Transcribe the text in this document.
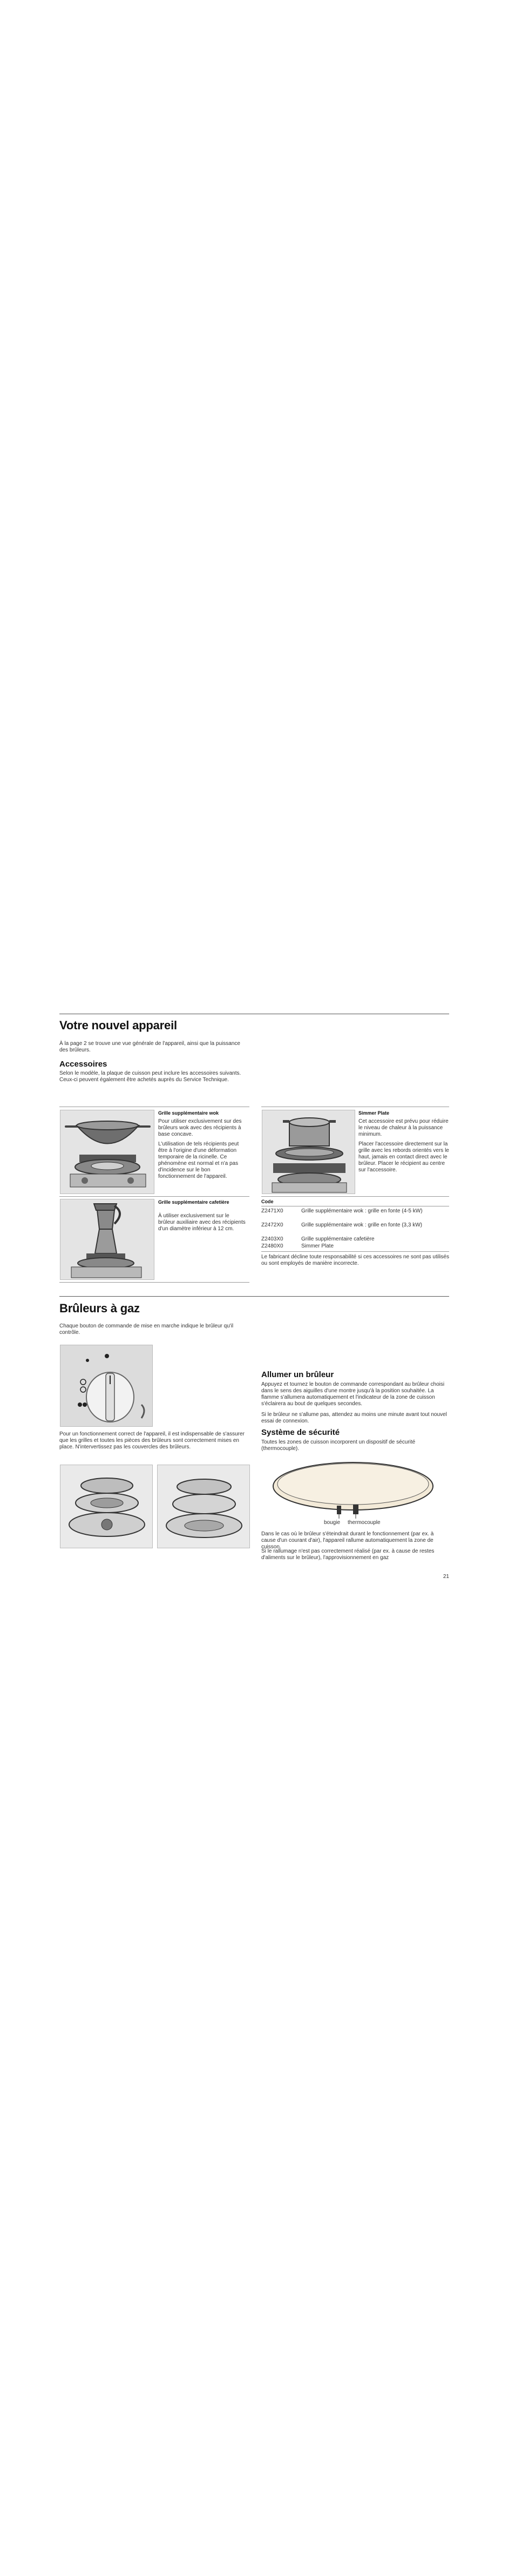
Votre nouvel appareil

À la page 2 se trouve une vue générale de l'appareil, ainsi que la puissance des brûleurs.

Accessoires

Selon le modèle, la plaque de cuisson peut inclure les accessoires suivants. Ceux-ci peuvent également être achetés auprès du Service Technique.

Grille supplémentaire wok

Pour utiliser exclusivement sur des brûleurs wok avec des récipients à base concave.

L'utilisation de tels récipients peut être à l'origine d'une déformation temporaire de la ricinelle. Ce phénomène est normal et n'a pas d'incidence sur le bon fonctionnement de l'appareil.

Grille supplémentaire cafetière

À utiliser exclusivement sur le brûleur auxiliaire avec des récipients d'un diamètre inférieur à 12 cm.

Simmer Plate

Cet accessoire est prévu pour réduire le niveau de chaleur à la puissance minimum.

Placer l'accessoire directement sur la grille avec les rebords orientés vers le haut, jamais en contact direct avec le brûleur. Placer le récipient au centre sur l'accessoire.

Code
Z2471X0	Grille supplémentaire wok : grille en fonte (4-5 kW)
Z2472X0	Grille supplémentaire wok : grille en fonte (3,3 kW)
Z2403X0	Grille supplémentaire cafetière
Z2480X0	Simmer Plate

Le fabricant décline toute responsabilité si ces accessoires ne sont pas utilisés ou sont employés de manière incorrecte.

Brûleurs à gaz

Chaque bouton de commande de mise en marche indique le brûleur qu'il contrôle.

Pour un fonctionnement correct de l'appareil, il est indispensable de s'assurer que les grilles et toutes les pièces des brûleurs sont correctement mises en place. N'intervertissez pas les couvercles des brûleurs.

Allumer un brûleur

Appuyez et tournez le bouton de commande correspondant au brûleur choisi dans le sens des aiguilles d'une montre jusqu'à la position souhaitée. La flamme s'allumera automatiquement et l'indicateur de la zone de cuisson s'éclairera au bout de quelques secondes.

Si le brûleur ne s'allume pas, attendez au moins une minute avant tout nouvel essai de connexion.

Système de sécurité

Toutes les zones de cuisson incorporent un dispositif de sécurité (thermocouple).

bougie thermocouple

Dans le cas où le brûleur s'éteindrait durant le fonctionnement (par ex. à cause d'un courant d'air), l'appareil rallume automatiquement la zone de cuisson.

Si le rallumage n'est pas correctement réalisé (par ex. à cause de restes d'aliments sur le brûleur), l'approvisionnement en gaz

21
